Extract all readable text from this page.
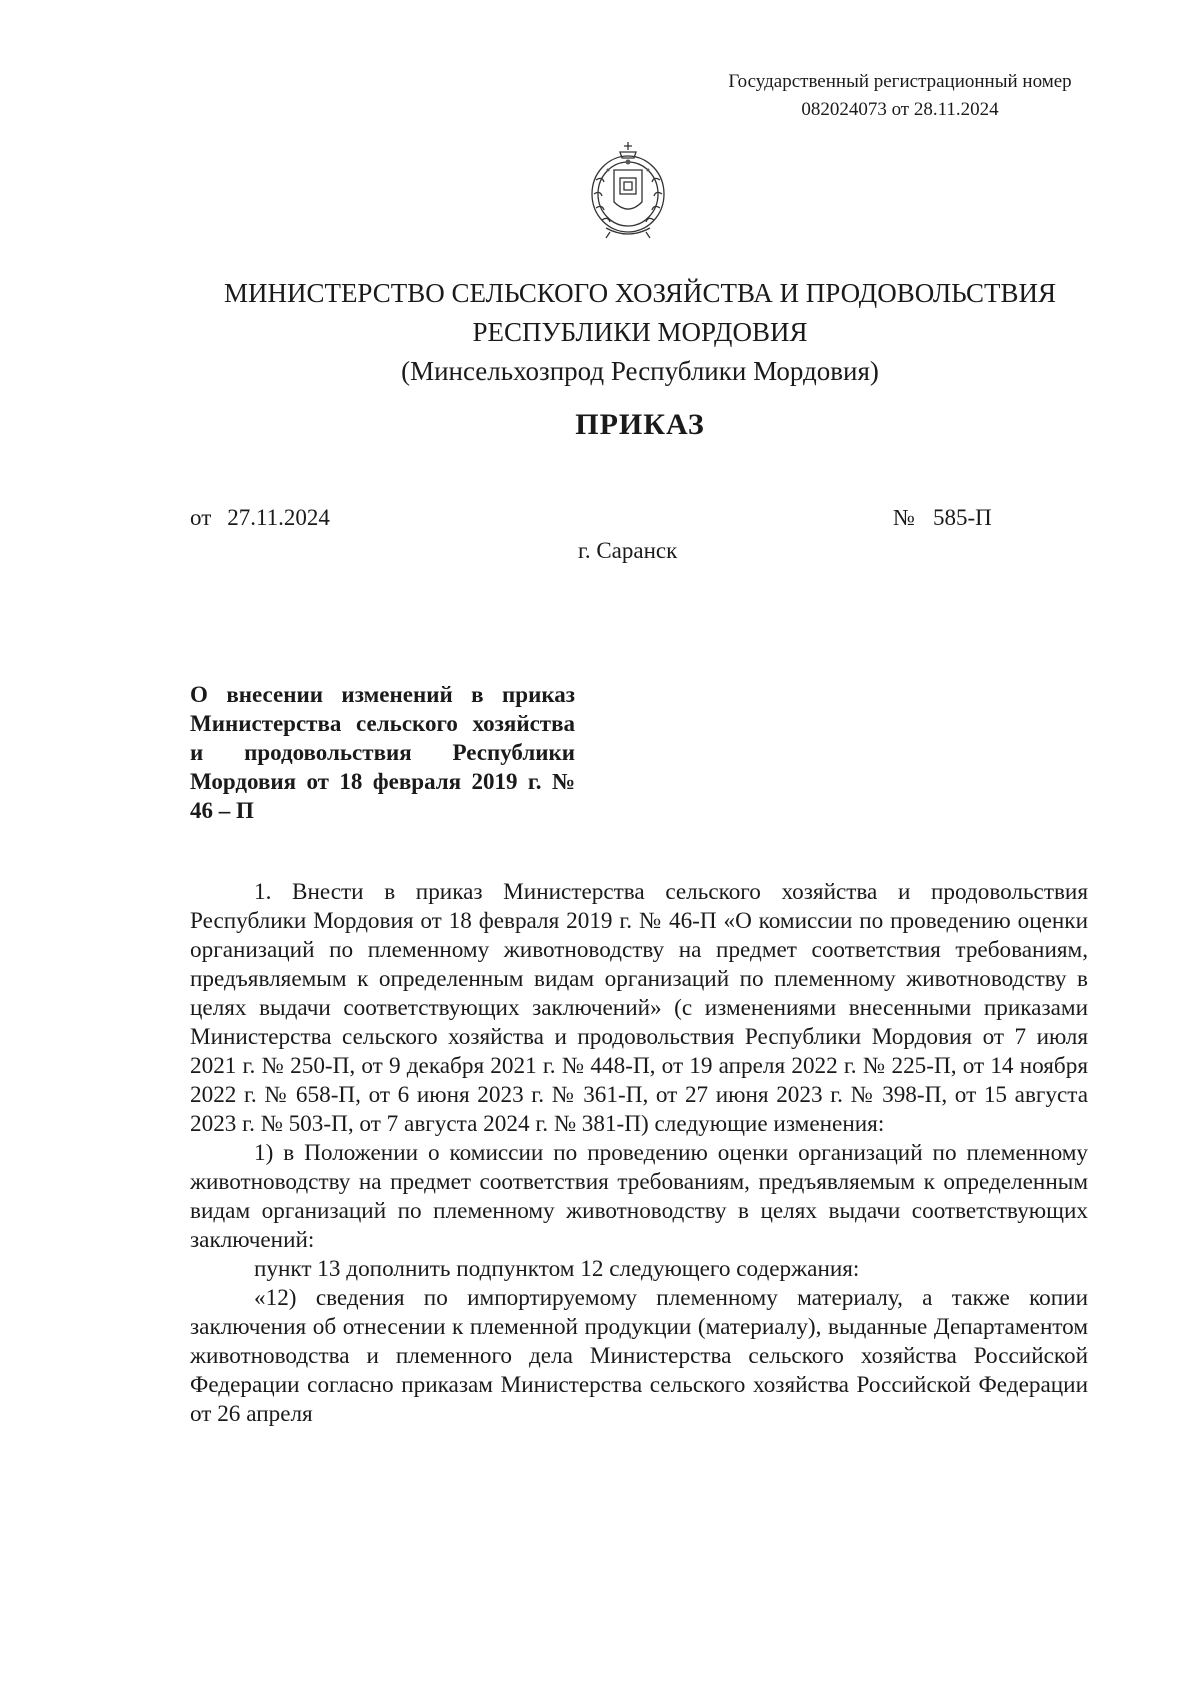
Государственный регистрационный номер
082024073 от 28.11.2024
МИНИСТЕРСТВО СЕЛЬСКОГО ХОЗЯЙСТВА И ПРОДОВОЛЬСТВИЯ
РЕСПУБЛИКИ МОРДОВИЯ
(Минсельхозпрод Республики Мордовия)
ПРИКАЗ
от 27.11.2024	№ 585-П
г. Саранск
О внесении изменений в приказ Министерства сельского хозяйства и продовольствия Республики Мордовия от 18 февраля 2019 г. № 46 – П

1. Внести в приказ Министерства сельского хозяйства и продовольствия Республики Мордовия от 18 февраля 2019 г. № 46-П «О комиссии по проведению оценки организаций по племенному животноводству на предмет соответствия требованиям, предъявляемым к определенным видам организаций по племенному животноводству в целях выдачи соответствующих заключений» (с изменениями внесенными приказами Министерства сельского хозяйства и продовольствия Республики Мордовия от 7 июля 2021 г. № 250-П, от 9 декабря 2021 г. № 448-П, от 19 апреля 2022 г. № 225-П, от 14 ноября 2022 г. № 658-П, от 6 июня 2023 г. № 361-П, от 27 июня 2023 г. № 398-П, от 15 августа 2023 г. № 503-П, от 7 августа 2024 г. № 381-П) следующие изменения:

1) в Положении о комиссии по проведению оценки организаций по племенному животноводству на предмет соответствия требованиям, предъявляемым к определенным видам организаций по племенному животноводству в целях выдачи соответствующих заключений:

пункт 13 дополнить подпунктом 12 следующего содержания:

«12) сведения по импортируемому племенному материалу, а также копии заключения об отнесении к племенной продукции (материалу), выданные Департаментом животноводства и племенного дела Министерства сельского хозяйства Российской Федерации согласно приказам Министерства сельского хозяйства Российской Федерации от 26 апреля
